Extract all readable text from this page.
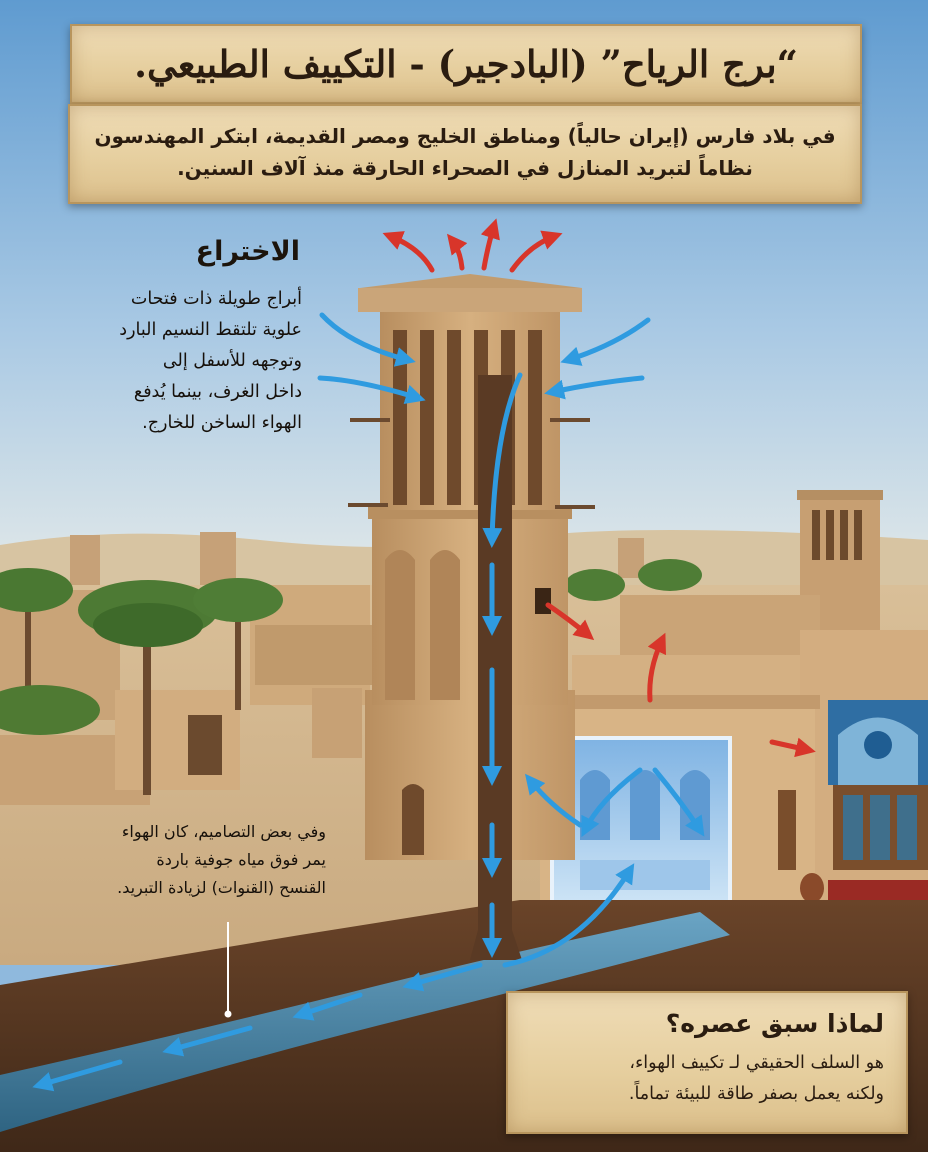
“برج الرياح” (البادجير) - التكييف الطبيعي.
في بلاد فارس (إيران حالياً) ومناطق الخليج ومصر القديمة، ابتكر المهندسون
نظاماً لتبريد المنازل في الصحراء الحارقة منذ آلاف السنين.
الاختراع
أبراج طويلة ذات فتحات
علوية تلتقط النسيم البارد
وتوجهه للأسفل إلى
داخل الغرف، بينما يُدفع
الهواء الساخن للخارج.
وفي بعض التصاميم، كان الهواء
يمر فوق مياه جوفية باردة
القنسح (القنوات) لزيادة التبريد.
لماذا سبق عصره؟
هو السلف الحقيقي لـ تكييف الهواء،
ولكنه يعمل بصفر طاقة للبيئة تماماً.
